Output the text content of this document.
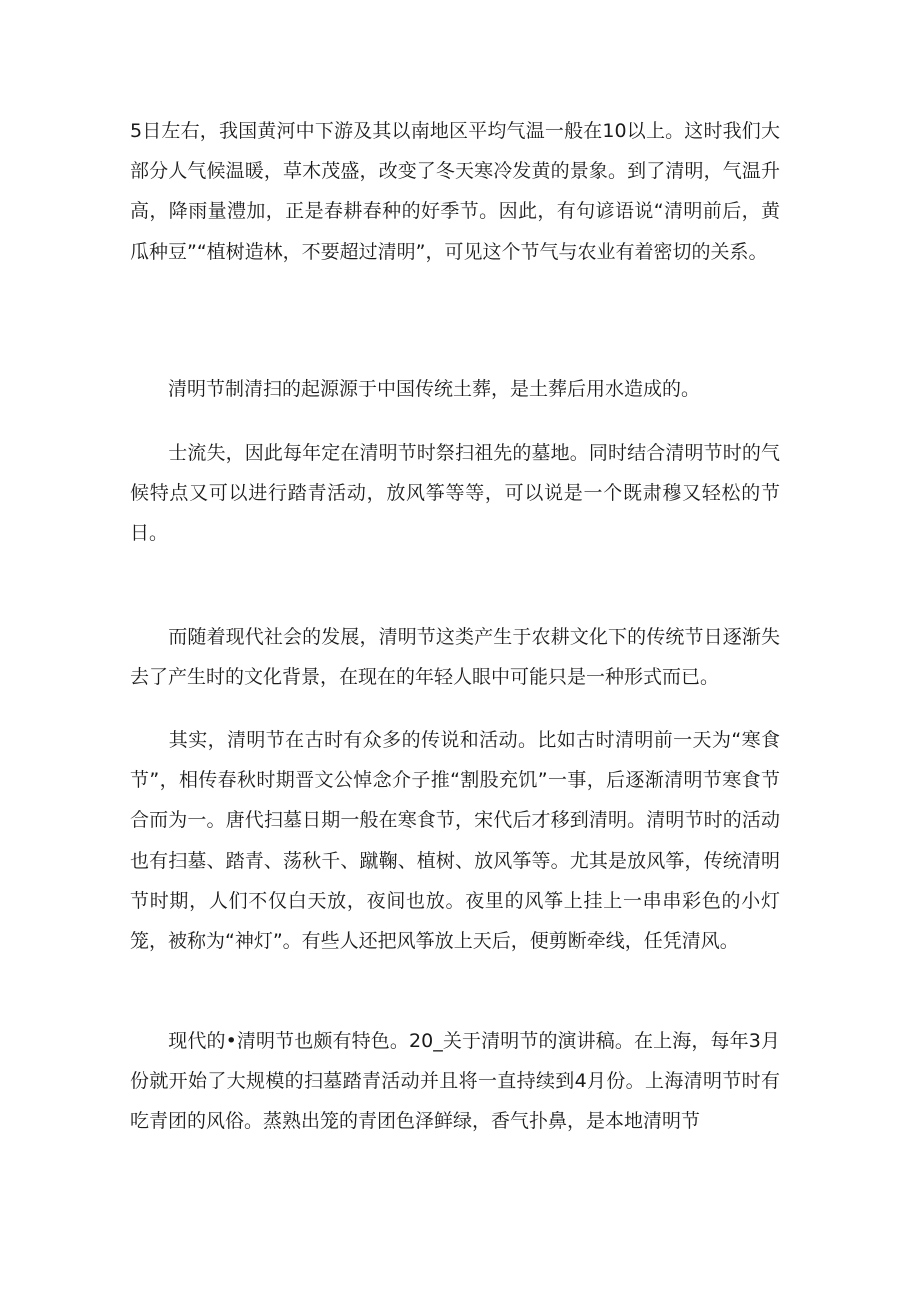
5日左右，我国黄河中下游及其以南地区平均气温一般在10以上。这时我们大部分人气候温暖，草木茂盛，改变了冬天寒冷发黄的景象。到了清明，气温升高，降雨量澧加，正是春耕春种的好季节。因此，有句谚语说“清明前后，黄瓜种豆”“植树造林，不要超过清明”，可见这个节气与农业有着密切的关系。

　　清明节制清扫的起源源于中国传统土葬，是土葬后用水造成的。

　　士流失，因此每年定在清明节时祭扫祖先的墓地。同时结合清明节时的气候特点又可以进行踏青活动，放风筝等等，可以说是一个既肃穆又轻松的节日。

　　而随着现代社会的发展，清明节这类产生于农耕文化下的传统节日逐渐失去了产生时的文化背景，在现在的年轻人眼中可能只是一种形式而已。

　　其实，清明节在古时有众多的传说和活动。比如古时清明前一天为“寒食节”，相传春秋时期晋文公悼念介子推“割股充饥”一事，后逐渐清明节寒食节合而为一。唐代扫墓日期一般在寒食节，宋代后才移到清明。清明节时的活动也有扫墓、踏青、荡秋千、蹴鞠、植树、放风筝等。尤其是放风筝，传统清明节时期，人们不仅白天放，夜间也放。夜里的风筝上挂上一串串彩色的小灯笼，被称为“神灯”。有些人还把风筝放上天后，便剪断牵线，任凭清风。

　　现代的•清明节也颇有特色。20_关于清明节的演讲稿。在上海，每年3月份就开始了大规模的扫墓踏青活动并且将一直持续到4月份。上海清明节时有吃青团的风俗。蒸熟出笼的青团色泽鲜绿，香气扑鼻，是本地清明节
